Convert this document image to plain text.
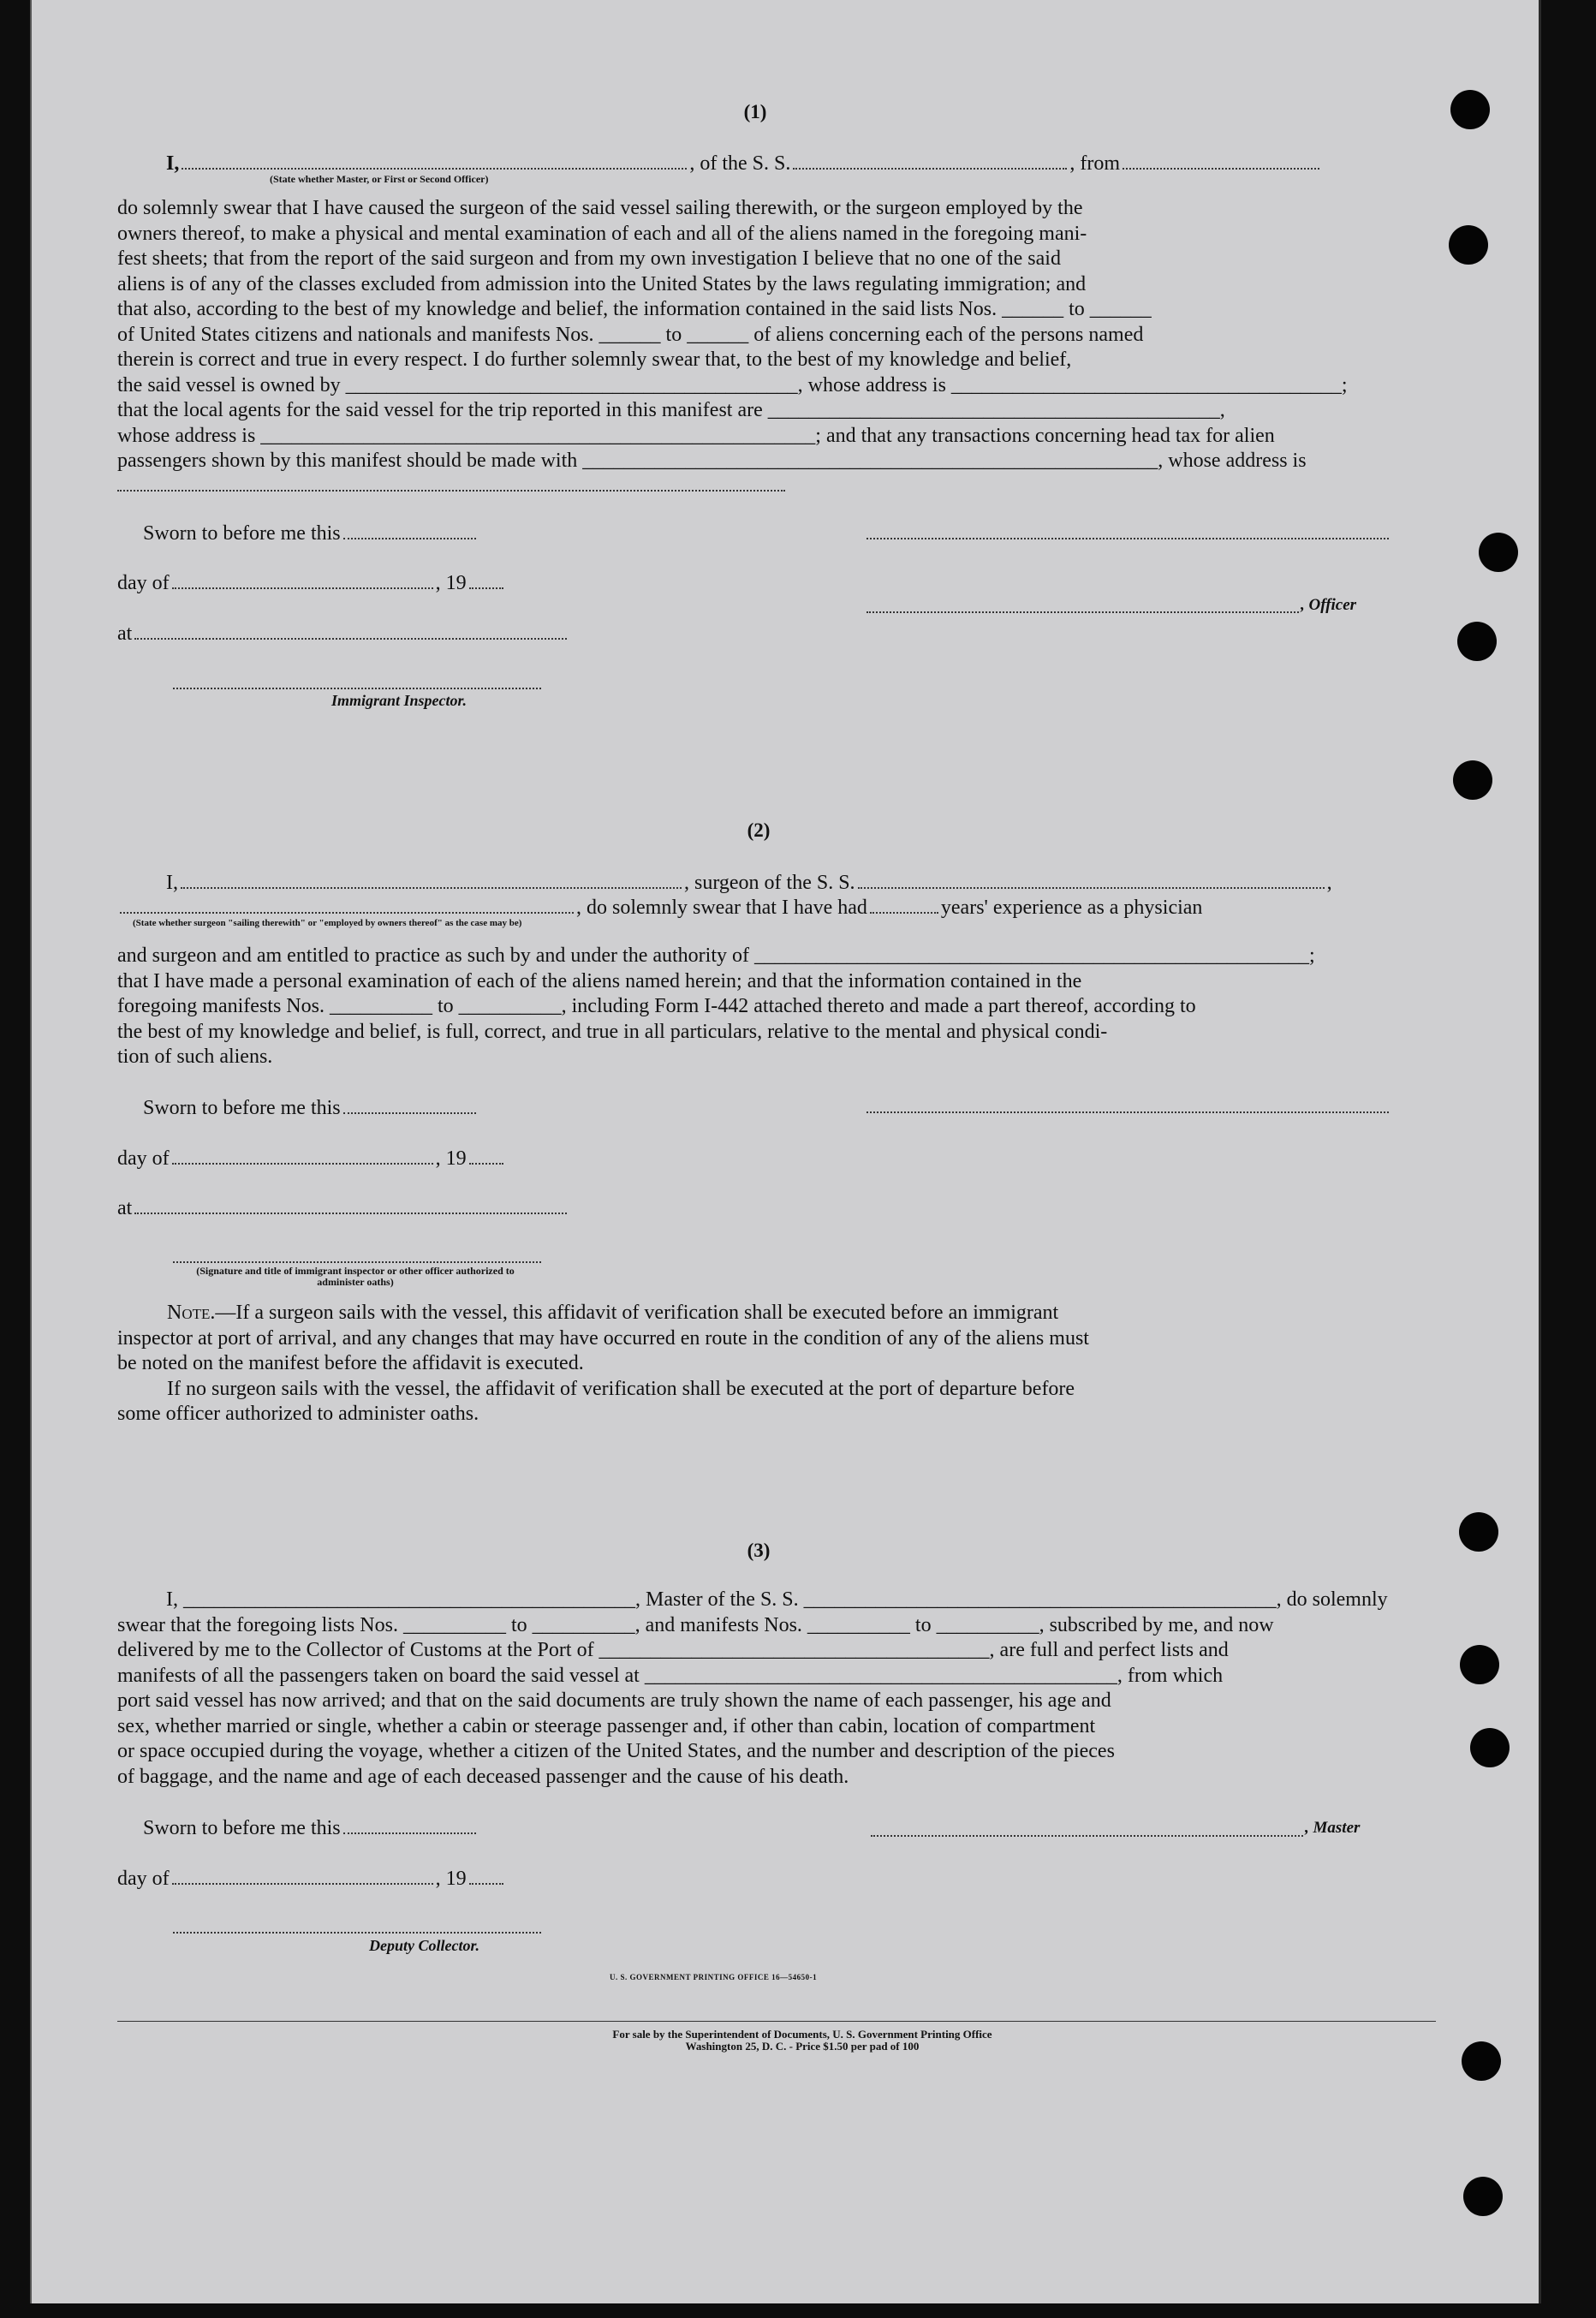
(1)
I,	, of the S. S.	, from
(State whether Master, or First or Second Officer)
do solemnly swear that I have caused the surgeon of the said vessel sailing therewith, or the surgeon employed by the
owners thereof, to make a physical and mental examination of each and all of the aliens named in the foregoing mani-
fest sheets; that from the report of the said surgeon and from my own investigation I believe that no one of the said
aliens is of any of the classes excluded from admission into the United States by the laws regulating immigration; and
that also, according to the best of my knowledge and belief, the information contained in the said lists Nos. ______ to ______
of United States citizens and nationals and manifests Nos. ______ to ______ of aliens concerning each of the persons named
therein is correct and true in every respect. I do further solemnly swear that, to the best of my knowledge and belief,
the said vessel is owned by ____________________________________________, whose address is ______________________________________;
that the local agents for the said vessel for the trip reported in this manifest are ____________________________________________,
whose address is ______________________________________________________; and that any transactions concerning head tax for alien
passengers shown by this manifest should be made with ________________________________________________________, whose address is
Sworn to before me this
day of	, 19
at
Immigrant Inspector.
, Officer
(2)
I,	, surgeon of the S. S.	,
, do solemnly swear that I have had	years' experience as a physician
(State whether surgeon "sailing therewith" or "employed by owners thereof" as the case may be)
and surgeon and am entitled to practice as such by and under the authority of ______________________________________________________;
that I have made a personal examination of each of the aliens named herein; and that the information contained in the
foregoing manifests Nos. __________ to __________, including Form I-442 attached thereto and made a part thereof, according to
the best of my knowledge and belief, is full, correct, and true in all particulars, relative to the mental and physical condi-
tion of such aliens.
Sworn to before me this
day of	, 19
at
(Signature and title of immigrant inspector or other officer authorized to administer oaths)
Note.—If a surgeon sails with the vessel, this affidavit of verification shall be executed before an immigrant
inspector at port of arrival, and any changes that may have occurred en route in the condition of any of the aliens must
be noted on the manifest before the affidavit is executed.
If no surgeon sails with the vessel, the affidavit of verification shall be executed at the port of departure before
some officer authorized to administer oaths.
(3)
I, ____________________________________________, Master of the S. S. ______________________________________________, do solemnly
swear that the foregoing lists Nos. __________ to __________, and manifests Nos. __________ to __________, subscribed by me, and now
delivered by me to the Collector of Customs at the Port of ______________________________________, are full and perfect lists and
manifests of all the passengers taken on board the said vessel at ______________________________________________, from which
port said vessel has now arrived; and that on the said documents are truly shown the name of each passenger, his age and
sex, whether married or single, whether a cabin or steerage passenger and, if other than cabin, location of compartment
or space occupied during the voyage, whether a citizen of the United States, and the number and description of the pieces
of baggage, and the name and age of each deceased passenger and the cause of his death.
Sworn to before me this
day of	, 19
, Master
Deputy Collector.
U. S. GOVERNMENT PRINTING OFFICE 16—54650-1
For sale by the Superintendent of Documents, U. S. Government Printing Office
Washington 25, D. C. - Price $1.50 per pad of 100
